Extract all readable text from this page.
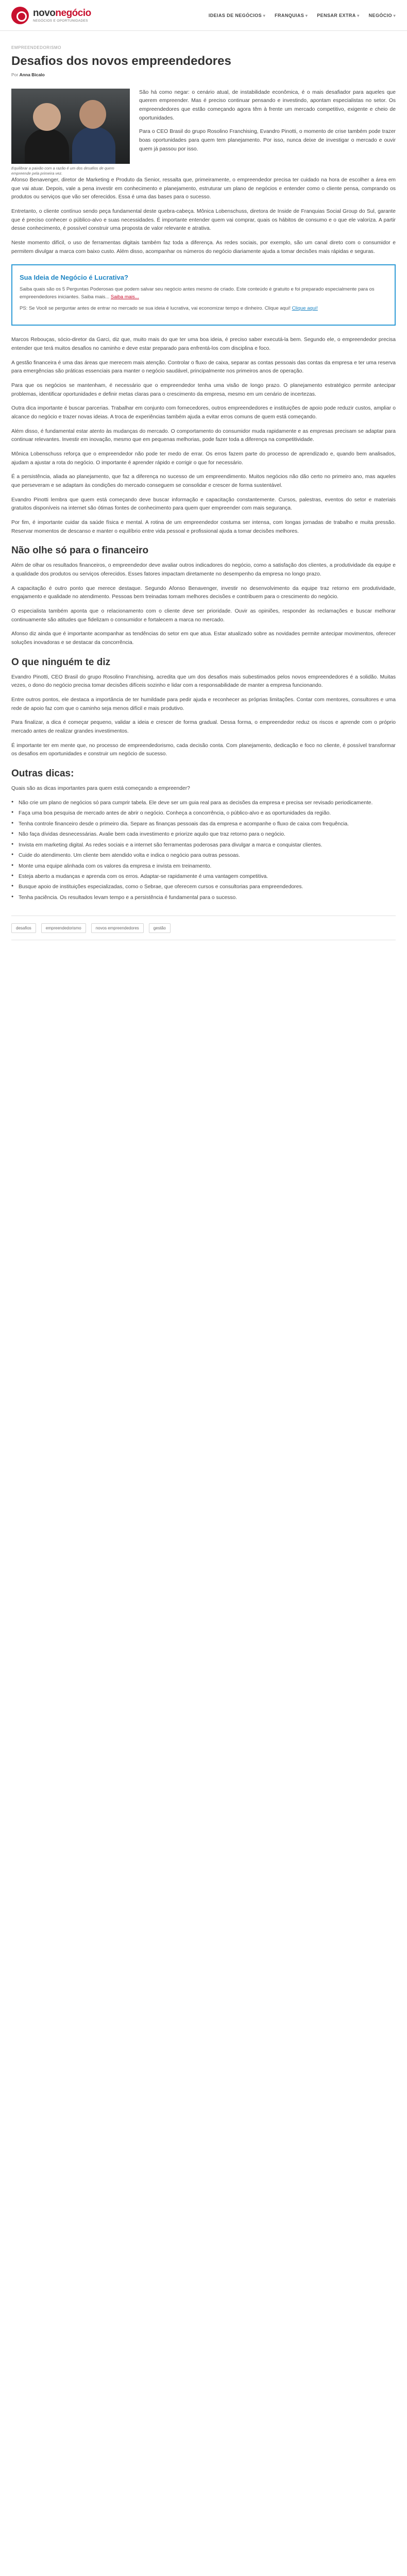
novonegócio
NEGÓCIOS E OPORTUNIDADES
IDEIAS DE NEGÓCIOS ▾	FRANQUIAS ▾	PENSAR EXTRA ▾	NEGÓCIO ▾
EMPREENDEDORISMO
Desafios dos novos empreendedores
Por Anna Bicalo
Equilibrar a paixão com a razão é um dos desafios de quem empreende pela primeira vez.

São há como negar: o cenário atual, de instabilidade econômica, é o mais desafiador para aqueles que querem empreender. Mas é preciso continuar pensando e investindo, apontam especialistas no setor. Os empreendedores que estão começando agora têm à frente um mercado competitivo, exigente e cheio de oportunidades.

Para o CEO Brasil do grupo Rosolino Franchising, Evandro Pinotti, o momento de crise também pode trazer boas oportunidades para quem tem planejamento. Por isso, nunca deixe de investigar o mercado e ouvir quem já passou por isso.

Afonso Benavenger, diretor de Marketing e Produto da Senior, ressalta que, primeiramente, o empreendedor precisa ter cuidado na hora de escolher a área em que vai atuar. Depois, vale a pena investir em conhecimento e planejamento, estruturar um plano de negócios e entender como o cliente pensa, comprando os produtos ou serviços que vão ser oferecidos. Essa é uma das bases para o sucesso.

Entretanto, o cliente contínuo sendo peça fundamental deste quebra-cabeça. Mônica Lobenschuss, diretora de Inside de Franquias Social Group do Sul, garante que é preciso conhecer o público-alvo e suas necessidades. É importante entender quem vai comprar, quais os hábitos de consumo e o que ele valoriza. A partir desse conhecimento, é possível construir uma proposta de valor relevante e atrativa.

Neste momento difícil, o uso de ferramentas digitais também faz toda a diferença. As redes sociais, por exemplo, são um canal direto com o consumidor e permitem divulgar a marca com baixo custo. Além disso, acompanhar os números do negócio diariamente ajuda a tomar decisões mais rápidas e seguras.

Sua Ideia de Negócio é Lucrativa?

Saiba quais são os 5 Perguntas Poderosas que podem salvar seu negócio antes mesmo de criado. Este conteúdo é gratuito e foi preparado especialmente para os empreendedores iniciantes. Saiba mais... Saiba mais...

PS: Se Você se perguntar antes de entrar no mercado se sua ideia é lucrativa, vai economizar tempo e dinheiro. Clique aqui! Clique aqui!

Marcos Rebouças, sócio-diretor da Garci, diz que, muito mais do que ter uma boa ideia, é preciso saber executá-la bem. Segundo ele, o empreendedor precisa entender que terá muitos desafios no caminho e deve estar preparado para enfrentá-los com disciplina e foco.

A gestão financeira é uma das áreas que merecem mais atenção. Controlar o fluxo de caixa, separar as contas pessoais das contas da empresa e ter uma reserva para emergências são práticas essenciais para manter o negócio saudável, principalmente nos primeiros anos de operação.

Para que os negócios se mantenham, é necessário que o empreendedor tenha uma visão de longo prazo. O planejamento estratégico permite antecipar problemas, identificar oportunidades e definir metas claras para o crescimento da empresa, mesmo em um cenário de incertezas.

Outra dica importante é buscar parcerias. Trabalhar em conjunto com fornecedores, outros empreendedores e instituições de apoio pode reduzir custos, ampliar o alcance do negócio e trazer novas ideias. A troca de experiências também ajuda a evitar erros comuns de quem está começando.

Além disso, é fundamental estar atento às mudanças do mercado. O comportamento do consumidor muda rapidamente e as empresas precisam se adaptar para continuar relevantes. Investir em inovação, mesmo que em pequenas melhorias, pode fazer toda a diferença na competitividade.

Mônica Lobenschuss reforça que o empreendedor não pode ter medo de errar. Os erros fazem parte do processo de aprendizado e, quando bem analisados, ajudam a ajustar a rota do negócio. O importante é aprender rápido e corrigir o que for necessário.

É a persistência, aliada ao planejamento, que faz a diferença no sucesso de um empreendimento. Muitos negócios não dão certo no primeiro ano, mas aqueles que perseveram e se adaptam às condições do mercado conseguem se consolidar e crescer de forma sustentável.

Evandro Pinotti lembra que quem está começando deve buscar informação e capacitação constantemente. Cursos, palestras, eventos do setor e materiais gratuitos disponíveis na internet são ótimas fontes de conhecimento para quem quer empreender com mais segurança.

Por fim, é importante cuidar da saúde física e mental. A rotina de um empreendedor costuma ser intensa, com longas jornadas de trabalho e muita pressão. Reservar momentos de descanso e manter o equilíbrio entre vida pessoal e profissional ajuda a tomar decisões melhores.

Não olhe só para o financeiro

Além de olhar os resultados financeiros, o empreendedor deve avaliar outros indicadores do negócio, como a satisfação dos clientes, a produtividade da equipe e a qualidade dos produtos ou serviços oferecidos. Esses fatores impactam diretamente no desempenho da empresa no longo prazo.

A capacitação é outro ponto que merece destaque. Segundo Afonso Benavenger, investir no desenvolvimento da equipe traz retorno em produtividade, engajamento e qualidade no atendimento. Pessoas bem treinadas tomam melhores decisões e contribuem para o crescimento do negócio.

O especialista também aponta que o relacionamento com o cliente deve ser prioridade. Ouvir as opiniões, responder às reclamações e buscar melhorar continuamente são atitudes que fidelizam o consumidor e fortalecem a marca no mercado.

Afonso diz ainda que é importante acompanhar as tendências do setor em que atua. Estar atualizado sobre as novidades permite antecipar movimentos, oferecer soluções inovadoras e se destacar da concorrência.

O que ninguém te diz

Evandro Pinotti, CEO Brasil do grupo Rosolino Franchising, acredita que um dos desafios mais subestimados pelos novos empreendedores é a solidão. Muitas vezes, o dono do negócio precisa tomar decisões difíceis sozinho e lidar com a responsabilidade de manter a empresa funcionando.

Entre outros pontos, ele destaca a importância de ter humildade para pedir ajuda e reconhecer as próprias limitações. Contar com mentores, consultores e uma rede de apoio faz com que o caminho seja menos difícil e mais produtivo.

Para finalizar, a dica é começar pequeno, validar a ideia e crescer de forma gradual. Dessa forma, o empreendedor reduz os riscos e aprende com o próprio mercado antes de realizar grandes investimentos.

É importante ter em mente que, no processo de empreendedorismo, cada decisão conta. Com planejamento, dedicação e foco no cliente, é possível transformar os desafios em oportunidades e construir um negócio de sucesso.

Outras dicas:

Quais são as dicas importantes para quem está começando a empreender?

● Não crie um plano de negócios só para cumprir tabela. Ele deve ser um guia real para as decisões da empresa e precisa ser revisado periodicamente.
● Faça uma boa pesquisa de mercado antes de abrir o negócio. Conheça a concorrência, o público-alvo e as oportunidades da região.
● Tenha controle financeiro desde o primeiro dia. Separe as finanças pessoais das da empresa e acompanhe o fluxo de caixa com frequência.
● Não faça dívidas desnecessárias. Avalie bem cada investimento e priorize aquilo que traz retorno para o negócio.
● Invista em marketing digital. As redes sociais e a internet são ferramentas poderosas para divulgar a marca e conquistar clientes.
● Cuide do atendimento. Um cliente bem atendido volta e indica o negócio para outras pessoas.
● Monte uma equipe alinhada com os valores da empresa e invista em treinamento.
● Esteja aberto a mudanças e aprenda com os erros. Adaptar-se rapidamente é uma vantagem competitiva.
● Busque apoio de instituições especializadas, como o Sebrae, que oferecem cursos e consultorias para empreendedores.
● Tenha paciência. Os resultados levam tempo e a persistência é fundamental para o sucesso.
desafios	empreendedorismo	novos empreendedores	gestão
